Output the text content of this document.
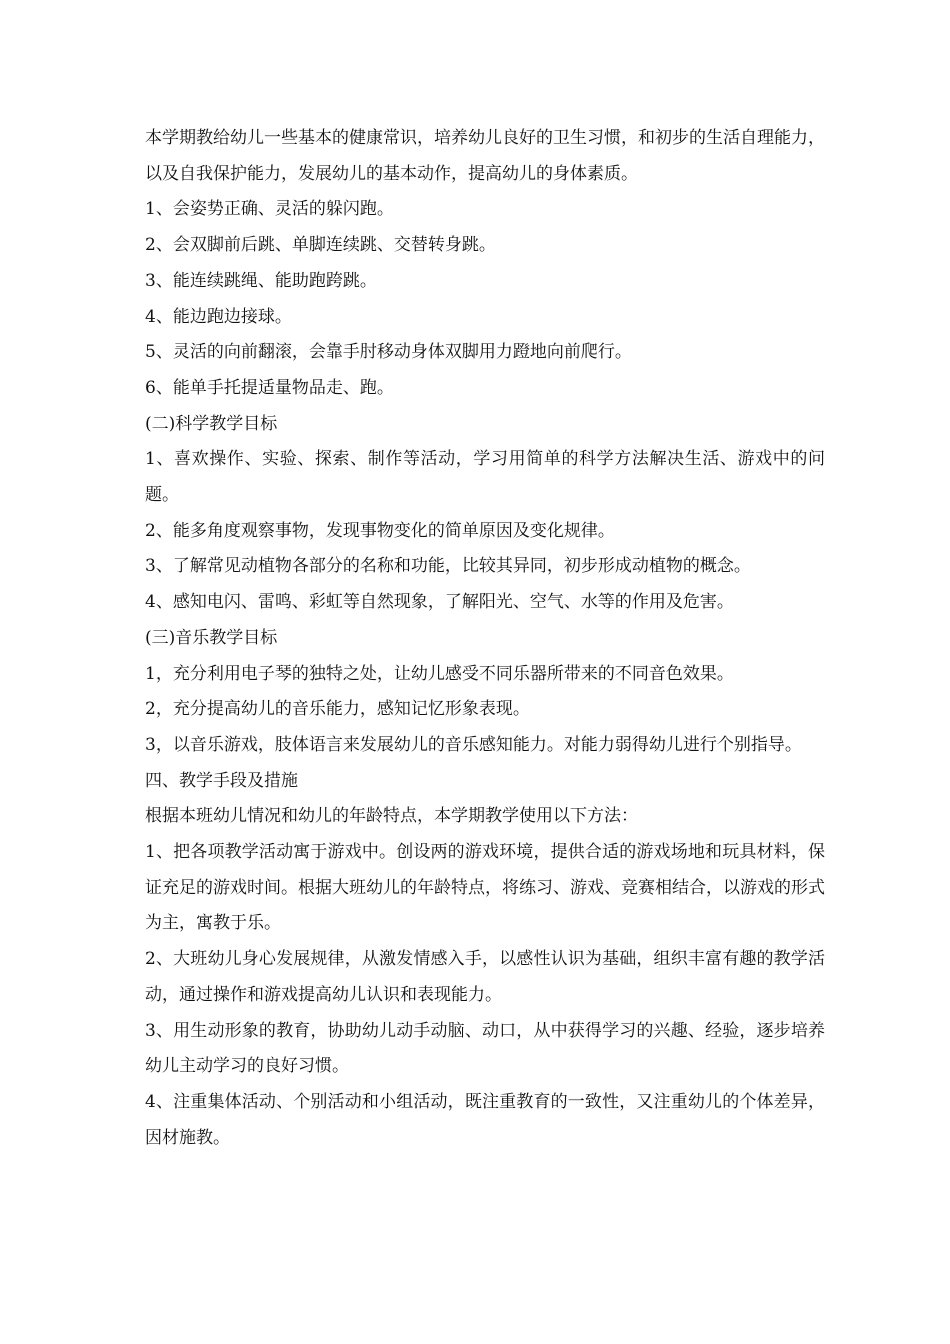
本学期教给幼儿一些基本的健康常识，培养幼儿良好的卫生习惯，和初步的生活自理能力，以及自我保护能力，发展幼儿的基本动作，提高幼儿的身体素质。

1、会姿势正确、灵活的躲闪跑。

2、会双脚前后跳、单脚连续跳、交替转身跳。

3、能连续跳绳、能助跑跨跳。

4、能边跑边接球。

5、灵活的向前翻滚，会靠手肘移动身体双脚用力蹬地向前爬行。

6、能单手托提适量物品走、跑。

(二)科学教学目标

1、喜欢操作、实验、探索、制作等活动，学习用简单的科学方法解决生活、游戏中的问题。

2、能多角度观察事物，发现事物变化的简单原因及变化规律。

3、了解常见动植物各部分的名称和功能，比较其异同，初步形成动植物的概念。

4、感知电闪、雷鸣、彩虹等自然现象，了解阳光、空气、水等的作用及危害。

(三)音乐教学目标

1，充分利用电子琴的独特之处，让幼儿感受不同乐器所带来的不同音色效果。

2，充分提高幼儿的音乐能力，感知记忆形象表现。

3，以音乐游戏，肢体语言来发展幼儿的音乐感知能力。对能力弱得幼儿进行个别指导。

四、教学手段及措施

根据本班幼儿情况和幼儿的年龄特点，本学期教学使用以下方法：

1、把各项教学活动寓于游戏中。创设两的游戏环境，提供合适的游戏场地和玩具材料，保证充足的游戏时间。根据大班幼儿的年龄特点，将练习、游戏、竞赛相结合，以游戏的形式为主，寓教于乐。

2、大班幼儿身心发展规律，从激发情感入手，以感性认识为基础，组织丰富有趣的教学活动，通过操作和游戏提高幼儿认识和表现能力。

3、用生动形象的教育，协助幼儿动手动脑、动口，从中获得学习的兴趣、经验，逐步培养幼儿主动学习的良好习惯。

4、注重集体活动、个别活动和小组活动，既注重教育的一致性，又注重幼儿的个体差异，因材施教。
